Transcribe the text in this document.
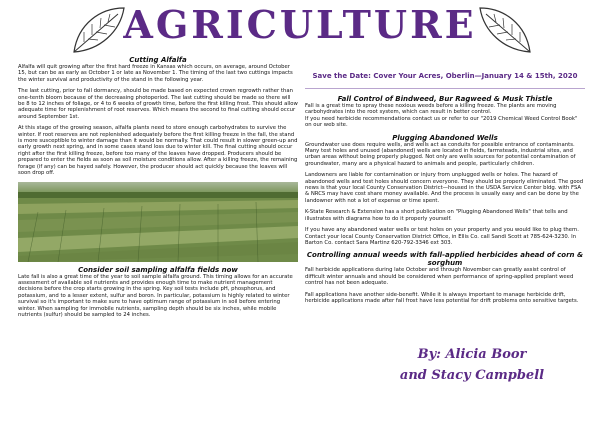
AGRICULTURE
Cutting Alfalfa

Alfalfa will quit growing after the first hard freeze in Kansas which occurs, on average, around October 15, but can be as early as October 1 or late as November 1. The timing of the last two cuttings impacts the winter survival and productivity of the stand in the following year.

The last cutting, prior to fall dormancy, should be made based on expected crown regrowth rather than one-tenth bloom because of the decreasing photoperiod. The last cutting should be made so there will be 8 to 12 inches of foliage, or 4 to 6 weeks of growth time, before the first killing frost. This should allow adequate time for replenishment of root reserves. Which means the second to final cutting should occur around September 1st.

At this stage of the growing season, alfalfa plants need to store enough carbohydrates to survive the winter. If root reserves are not replenished adequately before the first killing freeze in the fall, the stand is more susceptible to winter damage than it would be normally. That could result in slower green-up and early growth next spring, and in some cases stand loss due to winter kill. The final cutting should occur right after the first killing freeze, before too many of the leaves have dropped. Producers should be prepared to enter the fields as soon as soil moisture conditions allow. After a killing freeze, the remaining forage (if any) can be hayed safely. However, the producer should act quickly because the leaves will soon drop off.

Consider soil sampling alfalfa fields now

Late fall is also a great time of the year to soil sample alfalfa ground. This timing allows for an accurate assessment of available soil nutrients and provides enough time to make nutrient management decisions before the crop starts growing in the spring. Key soil tests include pH, phosphorus, and potassium, and to a lesser extent, sulfur and boron. In particular, potassium is highly related to winter survival so it's important to make sure to have optimum range of potassium in soil before entering winter. When sampling for immobile nutrients, sampling depth should be six inches, while mobile nutrients (sulfur) should be sampled to 24 inches.

Save the Date: Cover Your Acres, Oberlin—January 14 & 15th, 2020
Fall Control of Bindweed, Bur Ragweed & Musk Thistle

Fall is a great time to spray these noxious weeds before a killing freeze. The plants are moving carbohydrates into the root system, which can result in better control.

If you need herbicide recommendations contact us or refer to our "2019 Chemical Weed Control Book" on our web site.

Plugging Abandoned Wells

Groundwater use does require wells, and wells act as conduits for possible entrance of contaminants. Many test holes and unused (abandoned) wells are located in fields, farmsteads, industrial sites, and urban areas without being properly plugged. Not only are wells sources for potential contamination of groundwater, many are a physical hazard to animals and people, particularly children.

Landowners are liable for contamination or injury from unplugged wells or holes. The hazard of abandoned wells and test holes should concern everyone. They should be properly eliminated. The good news is that your local County Conservation District—housed in the USDA Service Center bldg. with FSA & NRCS may have cost share money available. And the process is usually easy and can be done by the landowner with not a lot of expense or time spent.

K-State Research & Extension has a short publication on "Plugging Abandoned Wells" that tells and illustrates with diagrams how to do it properly yourself.

If you have any abandoned water wells or test holes on your property and you would like to plug them. Contact your local County Conservation District Office, in Ellis Co. call Sandi Scott at 785-624-3230. In Barton Co. contact Sara Martinz 620-792-3346 ext 303.

Controlling annual weeds with fall-applied herbicides ahead of corn & sorghum

Fall herbicide applications during late October and through November can greatly assist control of difficult winter annuals and should be considered when performance of spring-applied preplant weed control has not been adequate.

Fall applications have another side-benefit. While it is always important to manage herbicide drift, herbicide applications made after fall frost have less potential for drift problems onto sensitive targets.

By: Alicia Boor
and Stacy Campbell
